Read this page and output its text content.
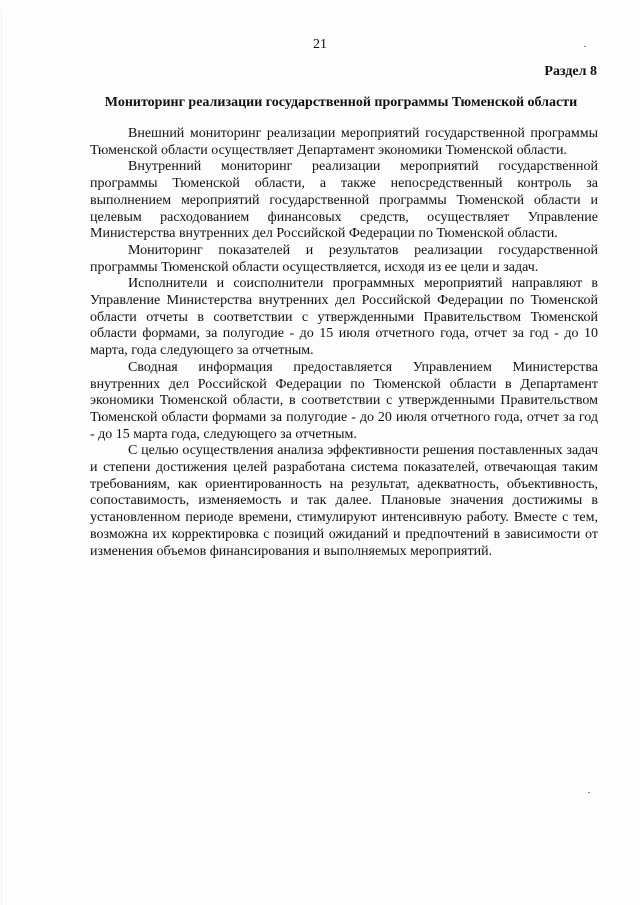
21
Раздел 8
Мониторинг реализации государственной программы Тюменской области

Внешний мониторинг реализации мероприятий государственной программы Тюменской области осуществляет Департамент экономики Тюменской области.

Внутренний мониторинг реализации мероприятий государственной программы Тюменской области, а также непосредственный контроль за выполнением мероприятий государственной программы Тюменской области и целевым расходованием финансовых средств, осуществляет Управление Министерства внутренних дел Российской Федерации по Тюменской области.

Мониторинг показателей и результатов реализации государственной программы Тюменской области осуществляется, исходя из ее цели и задач.

Исполнители и соисполнители программных мероприятий направляют в Управление Министерства внутренних дел Российской Федерации по Тюменской области отчеты в соответствии с утвержденными Правительством Тюменской области формами, за полугодие - до 15 июля отчетного года, отчет за год - до 10 марта, года следующего за отчетным.

Сводная информация предоставляется Управлением Министерства внутренних дел Российской Федерации по Тюменской области в Департамент экономики Тюменской области, в соответствии с утвержденными Правительством Тюменской области формами за полугодие - до 20 июля отчетного года, отчет за год - до 15 марта года, следующего за отчетным.

С целью осуществления анализа эффективности решения поставленных задач и степени достижения целей разработана система показателей, отвечающая таким требованиям, как ориентированность на результат, адекватность, объективность, сопоставимость, изменяемость и так далее. Плановые значения достижимы в установленном периоде времени, стимулируют интенсивную работу. Вместе с тем, возможна их корректировка с позиций ожиданий и предпочтений в зависимости от изменения объемов финансирования и выполняемых мероприятий.
